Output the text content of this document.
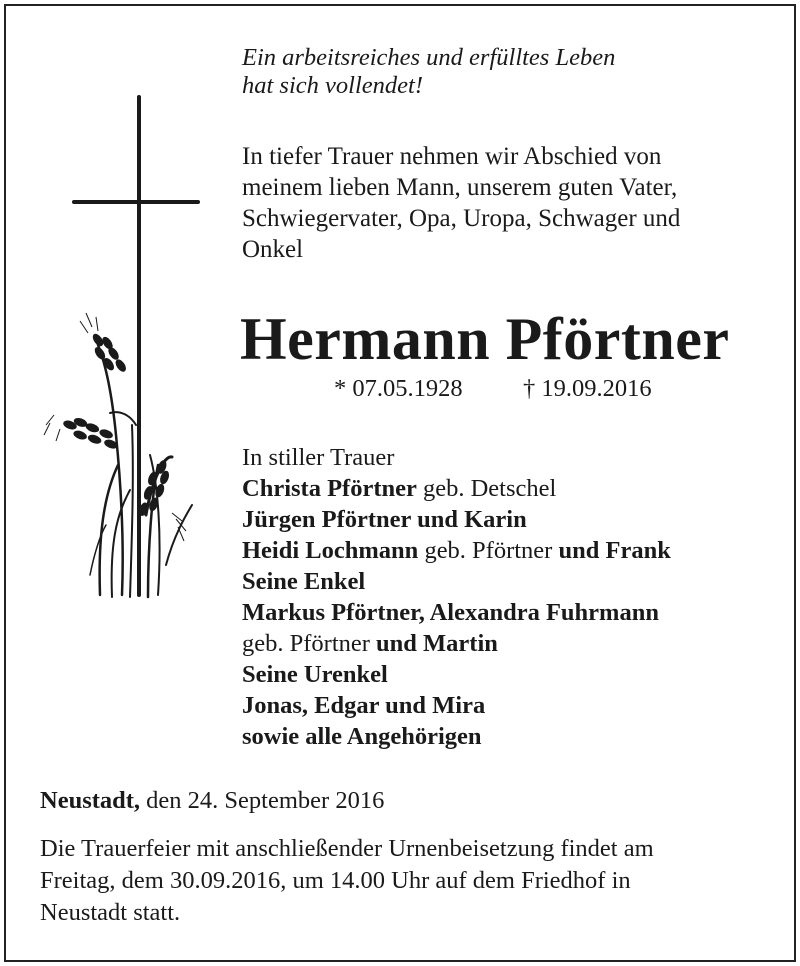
Ein arbeitsreiches und erfülltes Leben
hat sich vollendet!
In tiefer Trauer nehmen wir Abschied von
meinem lieben Mann, unserem guten Vater,
Schwiegervater, Opa, Uropa, Schwager und
Onkel
Hermann Pförtner
* 07.05.1928 † 19.09.2016
In stiller Trauer
Christa Pförtner geb. Detschel
Jürgen Pförtner und Karin
Heidi Lochmann geb. Pförtner und Frank
Seine Enkel
Markus Pförtner, Alexandra Fuhrmann
geb. Pförtner und Martin
Seine Urenkel
Jonas, Edgar und Mira
sowie alle Angehörigen
Neustadt, den 24. September 2016
Die Trauerfeier mit anschließender Urnenbeisetzung findet am
Freitag, dem 30.09.2016, um 14.00 Uhr auf dem Friedhof in
Neustadt statt.
